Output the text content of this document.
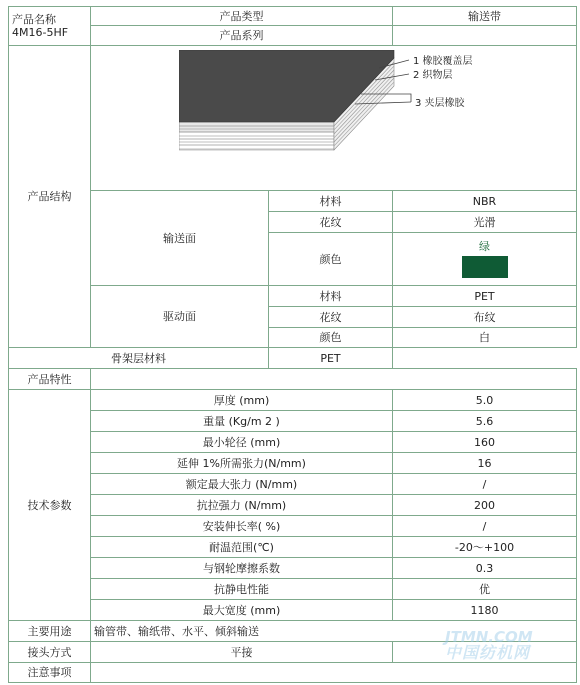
产品名称
4M16-5HF	产品类型		输送带
	产品系列		
产品结构	1 橡胶覆盖层
2 织物层
3 夹层橡胶		

	输送面	材料	NBR
		花纹	光滑
		颜色	绿

	驱动面	材料	PET
		花纹	布纹
		颜色	白
骨架层材料		PET	
产品特性			
技术参数	厚度 (mm)		5.0
	重量 (Kg/m 2 )		5.6
	最小轮径 (mm)		160
	延伸 1%所需张力(N/mm)		16
	额定最大张力 (N/mm)		/
	抗拉强力 (N/mm)		200
	安装伸长率( %)		/
	耐温范围(℃)		-20～+100
	与钢轮摩擦系数		0.3
	抗静电性能		优
	最大宽度 (mm)		1180
主要用途	输管带、输纸带、水平、倾斜输送		
接头方式	平接		
注意事项			
JTMN.COM
中国纺机网
